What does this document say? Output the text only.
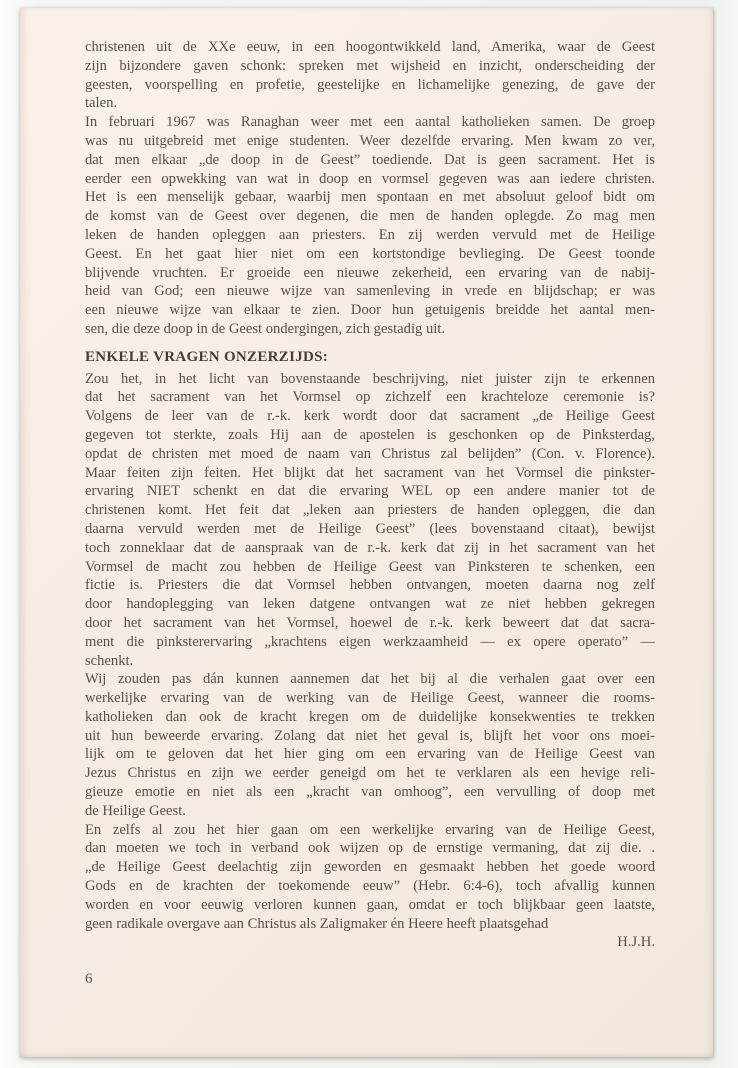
christenen uit de XXe eeuw, in een hoogontwikkeld land, Amerika, waar de Geest
zijn bijzondere gaven schonk: spreken met wijsheid en inzicht, onderscheiding der
geesten, voorspelling en profetie, geestelijke en lichamelijke genezing, de gave der
talen.
In februari 1967 was Ranaghan weer met een aantal katholieken samen. De groep
was nu uitgebreid met enige studenten. Weer dezelfde ervaring. Men kwam zo ver,
dat men elkaar „de doop in de Geest” toediende. Dat is geen sacrament. Het is
eerder een opwekking van wat in doop en vormsel gegeven was aan iedere christen.
Het is een menselijk gebaar, waarbij men spontaan en met absoluut geloof bidt om
de komst van de Geest over degenen, die men de handen oplegde. Zo mag men
leken de handen opleggen aan priesters. En zij werden vervuld met de Heilige
Geest. En het gaat hier niet om een kortstondige bevlieging. De Geest toonde
blijvende vruchten. Er groeide een nieuwe zekerheid, een ervaring van de nabij-
heid van God; een nieuwe wijze van samenleving in vrede en blijdschap; er was
een nieuwe wijze van elkaar te zien. Door hun getuigenis breidde het aantal men-
sen, die deze doop in de Geest ondergingen, zich gestadig uit.
ENKELE VRAGEN ONZERZIJDS:
Zou het, in het licht van bovenstaande beschrijving, niet juister zijn te erkennen
dat het sacrament van het Vormsel op zichzelf een krachteloze ceremonie is?
Volgens de leer van de r.-k. kerk wordt door dat sacrament „de Heilige Geest
gegeven tot sterkte, zoals Hij aan de apostelen is geschonken op de Pinksterdag,
opdat de christen met moed de naam van Christus zal belijden” (Con. v. Florence).
Maar feiten zijn feiten. Het blijkt dat het sacrament van het Vormsel die pinkster-
ervaring NIET schenkt en dat die ervaring WEL op een andere manier tot de
christenen komt. Het feit dat „leken aan priesters de handen opleggen, die dan
daarna vervuld werden met de Heilige Geest” (lees bovenstaand citaat), bewijst
toch zonneklaar dat de aanspraak van de r.-k. kerk dat zij in het sacrament van het
Vormsel de macht zou hebben de Heilige Geest van Pinksteren te schenken, een
fictie is. Priesters die dat Vormsel hebben ontvangen, moeten daarna nog zelf
door handoplegging van leken datgene ontvangen wat ze niet hebben gekregen
door het sacrament van het Vormsel, hoewel de r.-k. kerk beweert dat dat sacra-
ment die pinksterervaring „krachtens eigen werkzaamheid — ex opere operato” —
schenkt.
Wij zouden pas dán kunnen aannemen dat het bij al die verhalen gaat over een
werkelijke ervaring van de werking van de Heilige Geest, wanneer die rooms-
katholieken dan ook de kracht kregen om de duidelijke konsekwenties te trekken
uit hun beweerde ervaring. Zolang dat niet het geval is, blijft het voor ons moei-
lijk om te geloven dat het hier ging om een ervaring van de Heilige Geest van
Jezus Christus en zijn we eerder geneigd om het te verklaren als een hevige reli-
gieuze emotie en niet als een „kracht van omhoog”, een vervulling of doop met
de Heilige Geest.
En zelfs al zou het hier gaan om een werkelijke ervaring van de Heilige Geest,
dan moeten we toch in verband ook wijzen op de ernstige vermaning, dat zij die. .
„de Heilige Geest deelachtig zijn geworden en gesmaakt hebben het goede woord
Gods en de krachten der toekomende eeuw” (Hebr. 6:4-6), toch afvallig kunnen
worden en voor eeuwig verloren kunnen gaan, omdat er toch blijkbaar geen laatste,
geen radikale overgave aan Christus als Zaligmaker én Heere heeft plaatsgehad
H.J.H.
6
